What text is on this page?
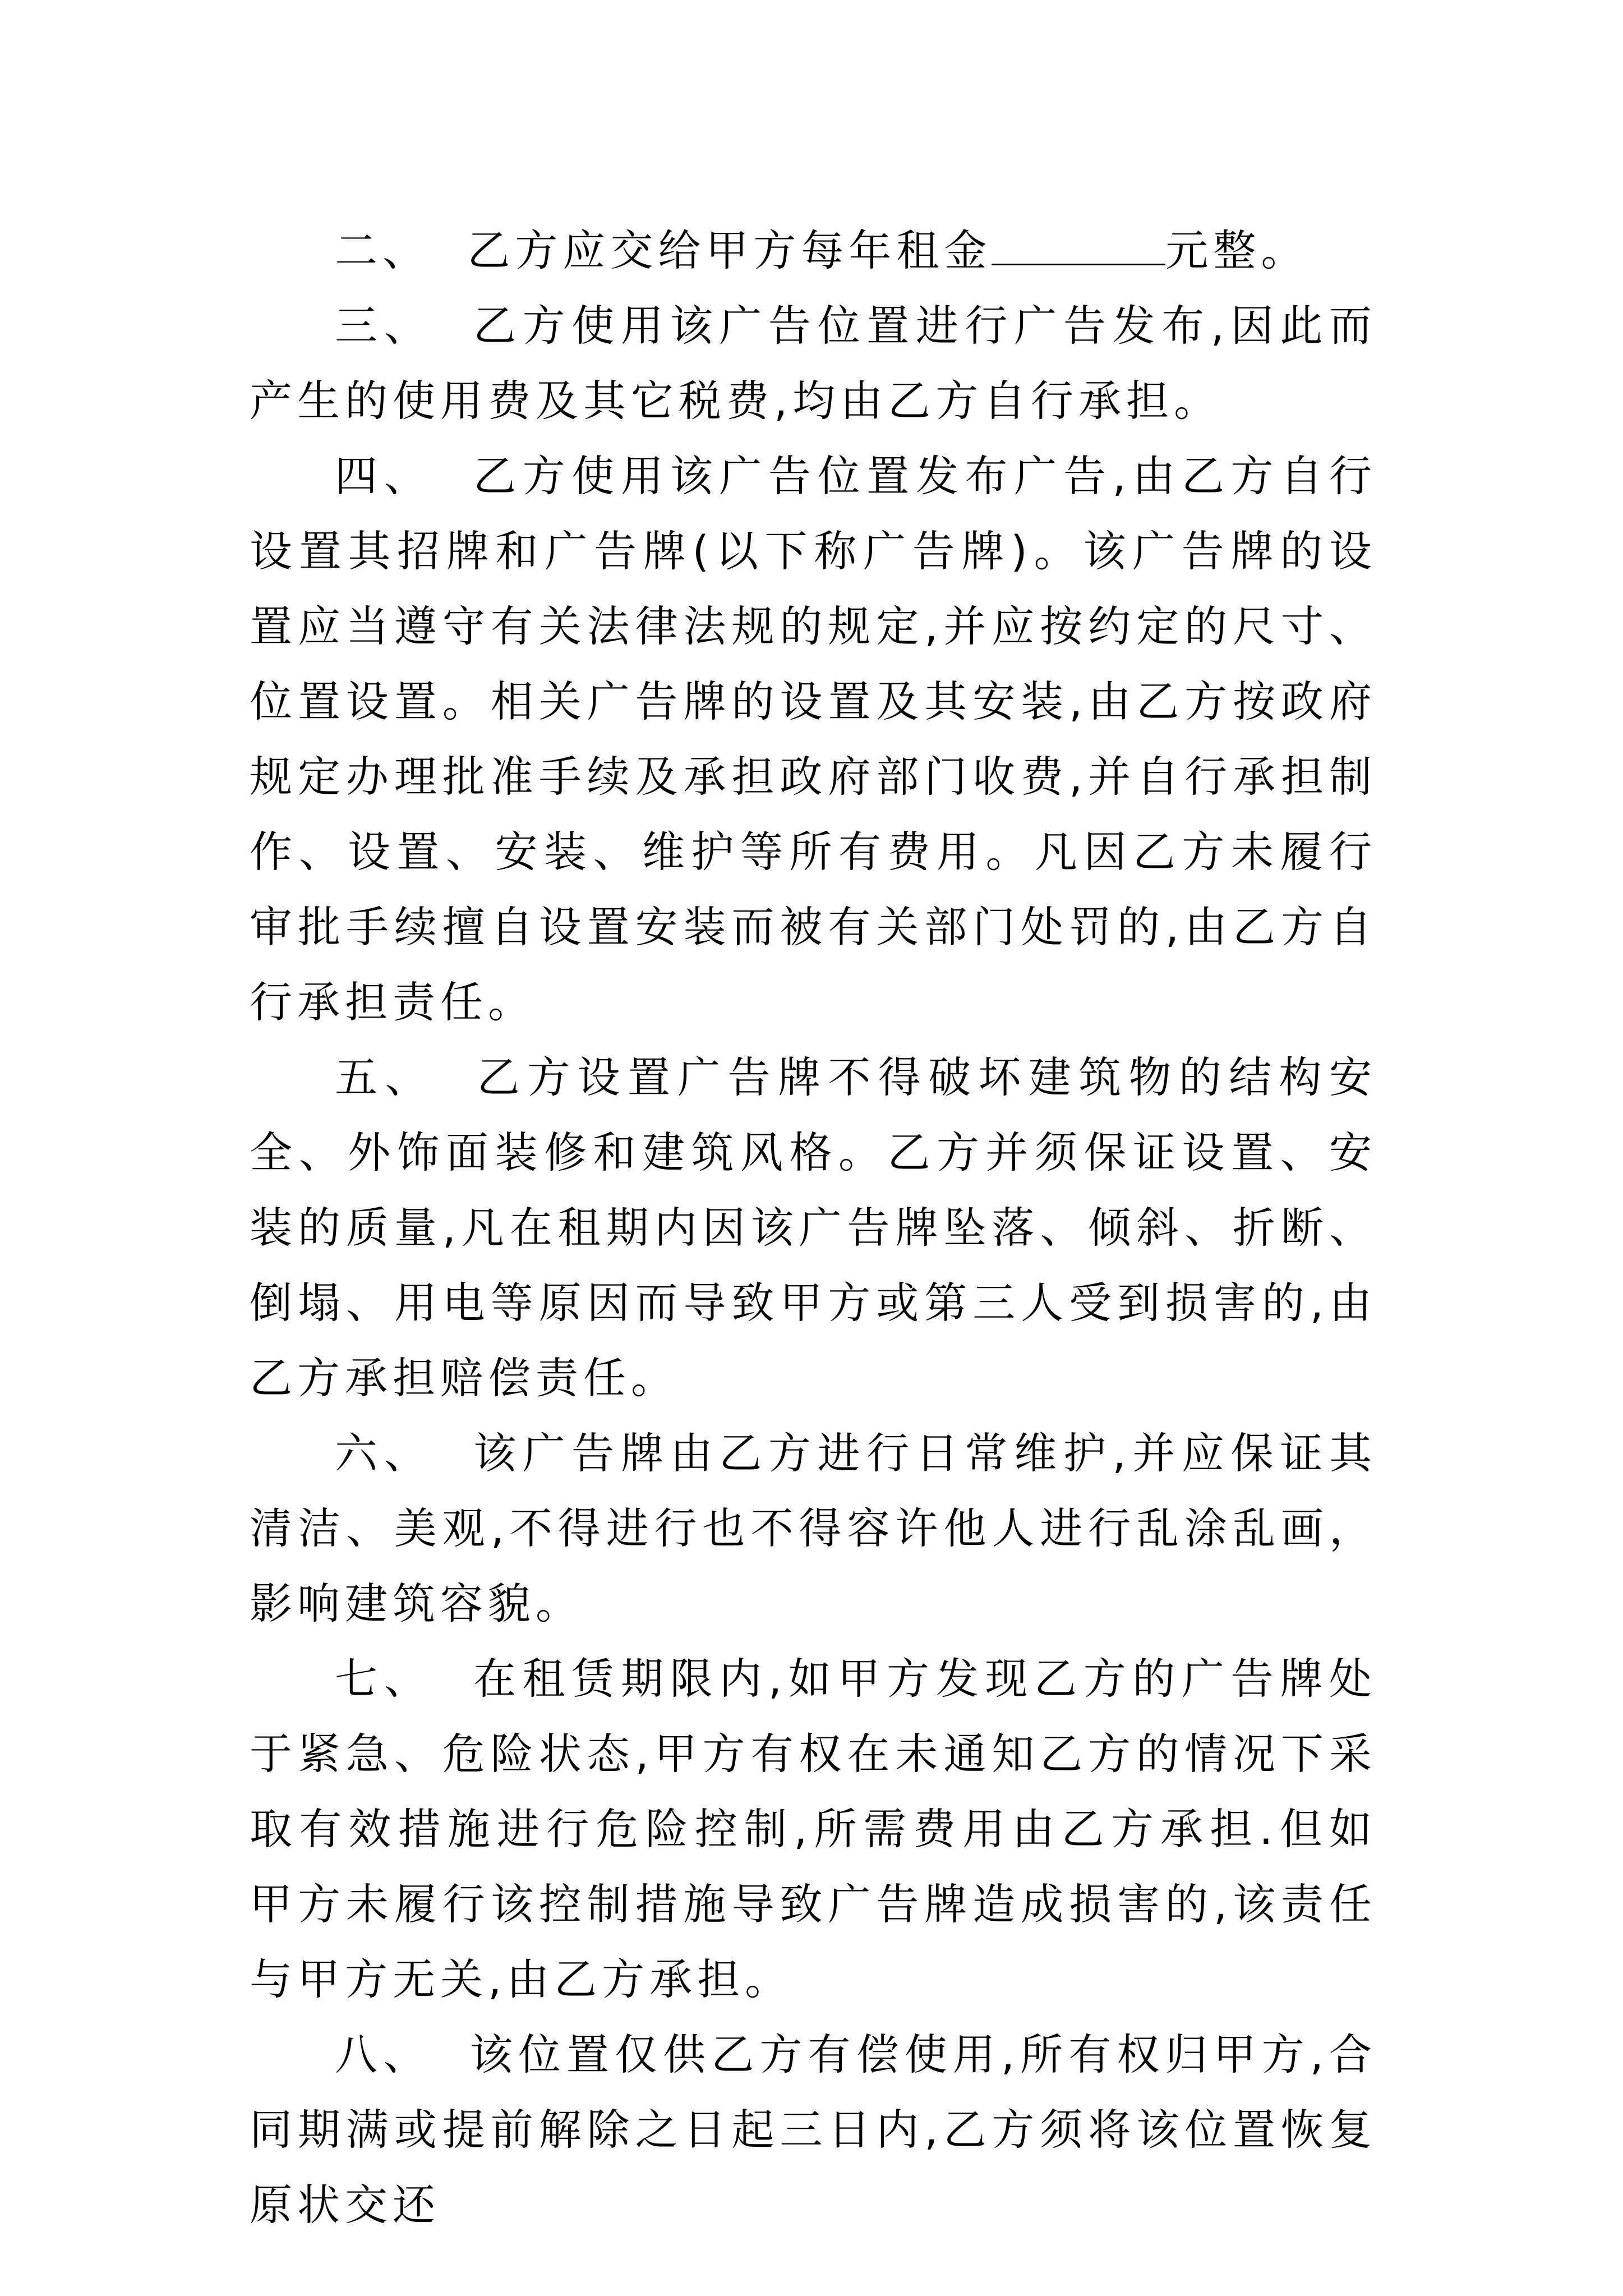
二、 乙方应交给甲方每年租金	元整。

三、 乙方使用该广告位置进行广告发布,因此而产生的使用费及其它税费,均由乙方自行承担。

四、 乙方使用该广告位置发布广告,由乙方自行设置其招牌和广告牌(以下称广告牌)。该广告牌的设置应当遵守有关法律法规的规定,并应按约定的尺寸、位置设置。相关广告牌的设置及其安装,由乙方按政府规定办理批准手续及承担政府部门收费,并自行承担制作、设置、安装、维护等所有费用。凡因乙方未履行审批手续擅自设置安装而被有关部门处罚的,由乙方自行承担责任。

五、 乙方设置广告牌不得破坏建筑物的结构安全、外饰面装修和建筑风格。乙方并须保证设置、安装的质量,凡在租期内因该广告牌坠落、倾斜、折断、倒塌、用电等原因而导致甲方或第三人受到损害的,由乙方承担赔偿责任。

六、 该广告牌由乙方进行日常维护,并应保证其清洁、美观,不得进行也不得容许他人进行乱涂乱画，影响建筑容貌。

七、 在租赁期限内,如甲方发现乙方的广告牌处于紧急、危险状态,甲方有权在未通知乙方的情况下采取有效措施进行危险控制,所需费用由乙方承担.但如甲方未履行该控制措施导致广告牌造成损害的,该责任与甲方无关,由乙方承担。

八、 该位置仅供乙方有偿使用,所有权归甲方,合同期满或提前解除之日起三日内,乙方须将该位置恢复原状交还
